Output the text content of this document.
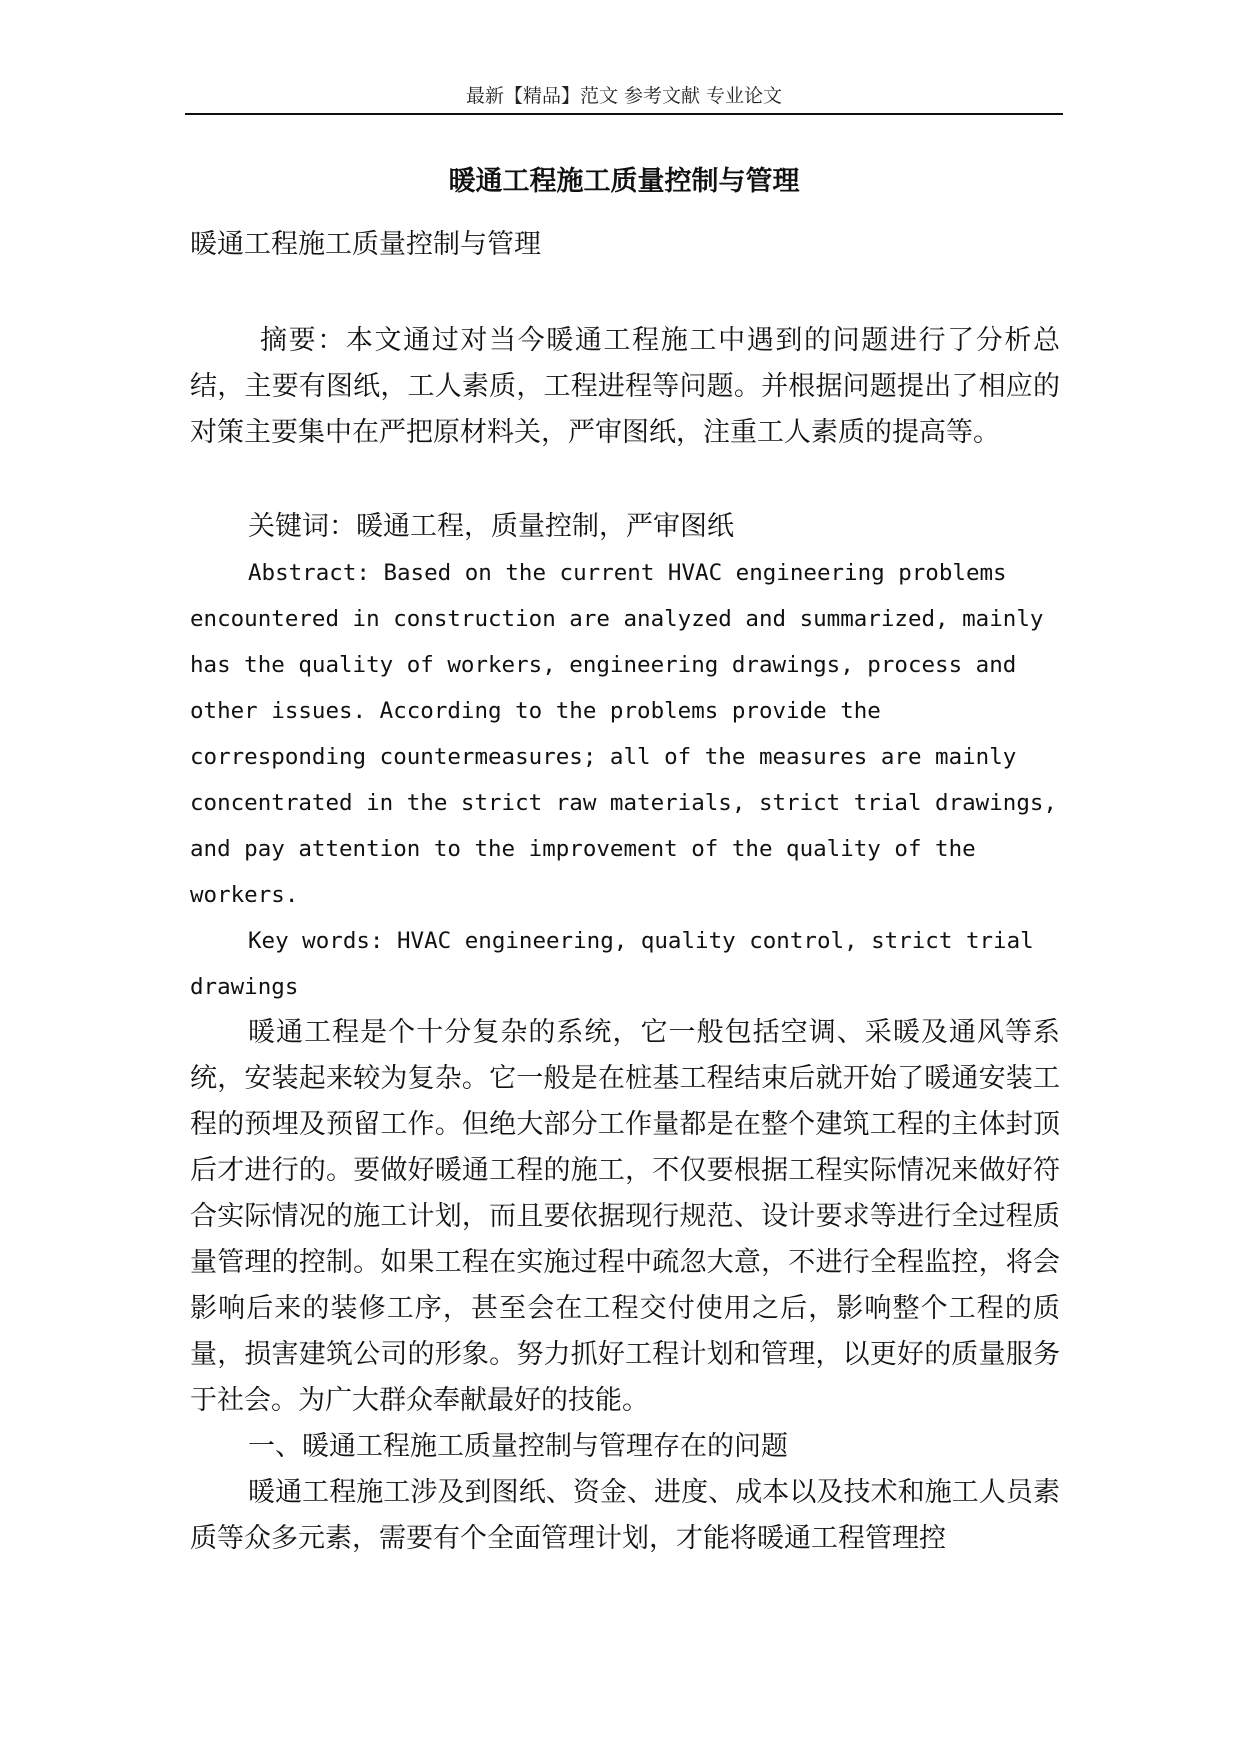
最新【精品】范文 参考文献 专业论文
暖通工程施工质量控制与管理

暖通工程施工质量控制与管理

摘要：本文通过对当今暖通工程施工中遇到的问题进行了分析总结，主要有图纸，工人素质，工程进程等问题。并根据问题提出了相应的对策主要集中在严把原材料关，严审图纸，注重工人素质的提高等。

关键词：暖通工程，质量控制，严审图纸

Abstract: Based on the current HVAC engineering problems encountered in construction are analyzed and summarized, mainly has the quality of workers, engineering drawings, process and other issues. According to the problems provide the corresponding countermeasures; all of the measures are mainly concentrated in the strict raw materials, strict trial drawings, and pay attention to the improvement of the quality of the workers.

Key words: HVAC engineering, quality control, strict trial drawings

暖通工程是个十分复杂的系统，它一般包括空调、采暖及通风等系统，安装起来较为复杂。它一般是在桩基工程结束后就开始了暖通安装工程的预埋及预留工作。但绝大部分工作量都是在整个建筑工程的主体封顶后才进行的。要做好暖通工程的施工，不仅要根据工程实际情况来做好符合实际情况的施工计划，而且要依据现行规范、设计要求等进行全过程质量管理的控制。如果工程在实施过程中疏忽大意，不进行全程监控，将会影响后来的装修工序，甚至会在工程交付使用之后，影响整个工程的质量，损害建筑公司的形象。努力抓好工程计划和管理，以更好的质量服务于社会。为广大群众奉献最好的技能。

一、暖通工程施工质量控制与管理存在的问题

暖通工程施工涉及到图纸、资金、进度、成本以及技术和施工人员素质等众多元素，需要有个全面管理计划，才能将暖通工程管理控
